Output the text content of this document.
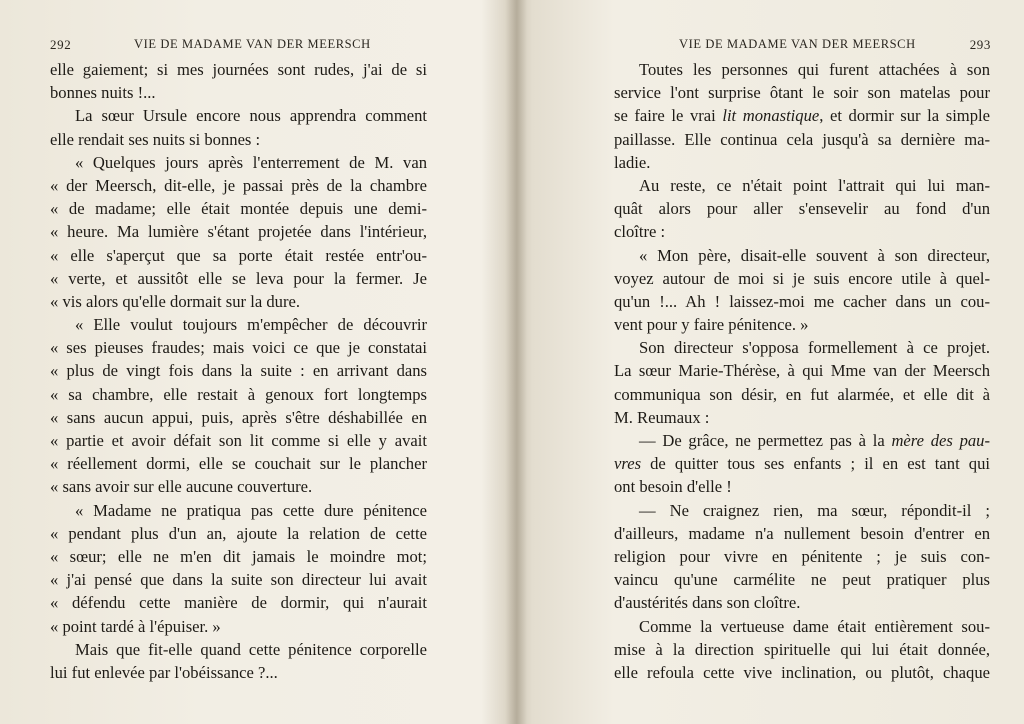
292	VIE DE MADAME VAN DER MEERSCH
elle gaiement; si mes journées sont rudes, j'ai de si
bonnes nuits !...
La sœur Ursule encore nous apprendra comment
elle rendait ses nuits si bonnes :
« Quelques jours après l'enterrement de M. van
« der Meersch, dit-elle, je passai près de la chambre
« de madame; elle était montée depuis une demi-
« heure. Ma lumière s'étant projetée dans l'intérieur,
« elle s'aperçut que sa porte était restée entr'ou-
« verte, et aussitôt elle se leva pour la fermer. Je
« vis alors qu'elle dormait sur la dure.
« Elle voulut toujours m'empêcher de découvrir
« ses pieuses fraudes; mais voici ce que je constatai
« plus de vingt fois dans la suite : en arrivant dans
« sa chambre, elle restait à genoux fort longtemps
« sans aucun appui, puis, après s'être déshabillée en
« partie et avoir défait son lit comme si elle y avait
« réellement dormi, elle se couchait sur le plancher
« sans avoir sur elle aucune couverture.
« Madame ne pratiqua pas cette dure pénitence
« pendant plus d'un an, ajoute la relation de cette
« sœur; elle ne m'en dit jamais le moindre mot;
« j'ai pensé que dans la suite son directeur lui avait
« défendu cette manière de dormir, qui n'aurait
« point tardé à l'épuiser. »
Mais que fit-elle quand cette pénitence corporelle
lui fut enlevée par l'obéissance ?...
VIE DE MADAME VAN DER MEERSCH	293
Toutes les personnes qui furent attachées à son
service l'ont surprise ôtant le soir son matelas pour
se faire le vrai lit monastique, et dormir sur la simple
paillasse. Elle continua cela jusqu'à sa dernière ma-
ladie.
Au reste, ce n'était point l'attrait qui lui man-
quât alors pour aller s'ensevelir au fond d'un
cloître :
« Mon père, disait-elle souvent à son directeur,
voyez autour de moi si je suis encore utile à quel-
qu'un !... Ah ! laissez-moi me cacher dans un cou-
vent pour y faire pénitence. »
Son directeur s'opposa formellement à ce projet.
La sœur Marie-Thérèse, à qui Mme van der Meersch
communiqua son désir, en fut alarmée, et elle dit à
M. Reumaux :
— De grâce, ne permettez pas à la mère des pau-
vres de quitter tous ses enfants ; il en est tant qui
ont besoin d'elle !
— Ne craignez rien, ma sœur, répondit-il ;
d'ailleurs, madame n'a nullement besoin d'entrer en
religion pour vivre en pénitente ; je suis con-
vaincu qu'une carmélite ne peut pratiquer plus
d'austérités dans son cloître.
Comme la vertueuse dame était entièrement sou-
mise à la direction spirituelle qui lui était donnée,
elle refoula cette vive inclination, ou plutôt, chaque
